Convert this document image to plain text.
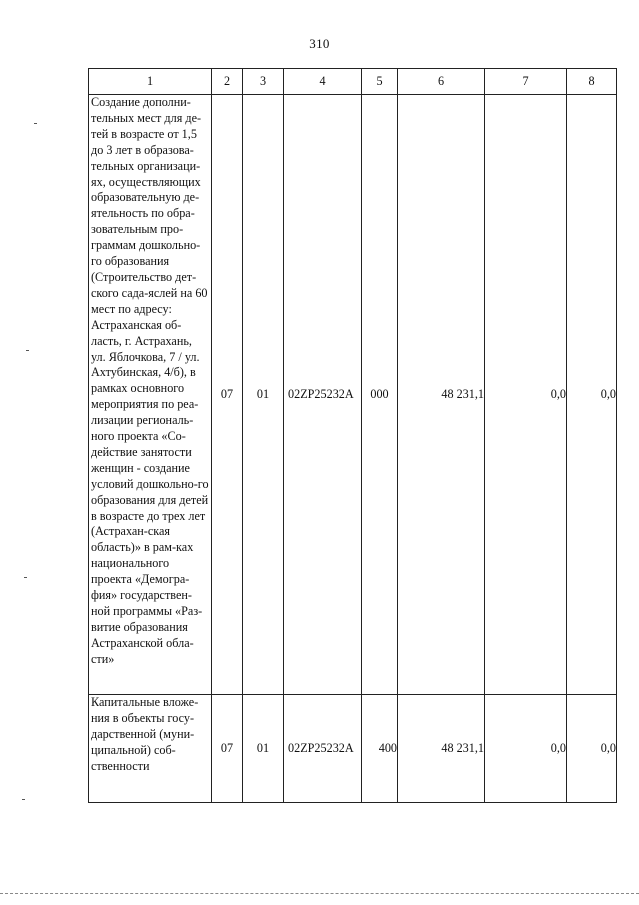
310
1	2	3	4	5	6	7	8

Создание дополни-тельных мест для де-тей в возрасте от 1,5 до 3 лет в образова-тельных организаци-ях, осуществляющих образовательную де-ятельность по обра-зовательным про-граммам дошкольно-го образования (Строительство дет-ского сада-яслей на 60 мест по адресу: Астраханская об-ласть, г. Астрахань, ул. Яблочкова, 7 / ул. Ахтубинская, 4/б), в рамках основного мероприятия по реа-лизации региональ-ного проекта «Со-действие занятости женщин - создание условий дошкольно-го образования для детей в возрасте до трех лет (Астрахан-ская область)» в рам-ках национального проекта «Демогра-фия» государствен-ной программы «Раз-витие образования Астраханской обла-сти»	07	01	02ZP25232A	000	48 231,1	0,0	0,0

Капитальные вложе-ния в объекты госу-дарственной (муни-ципальной) соб-ственности	07	01	02ZP25232A	400	48 231,1	0,0	0,0
